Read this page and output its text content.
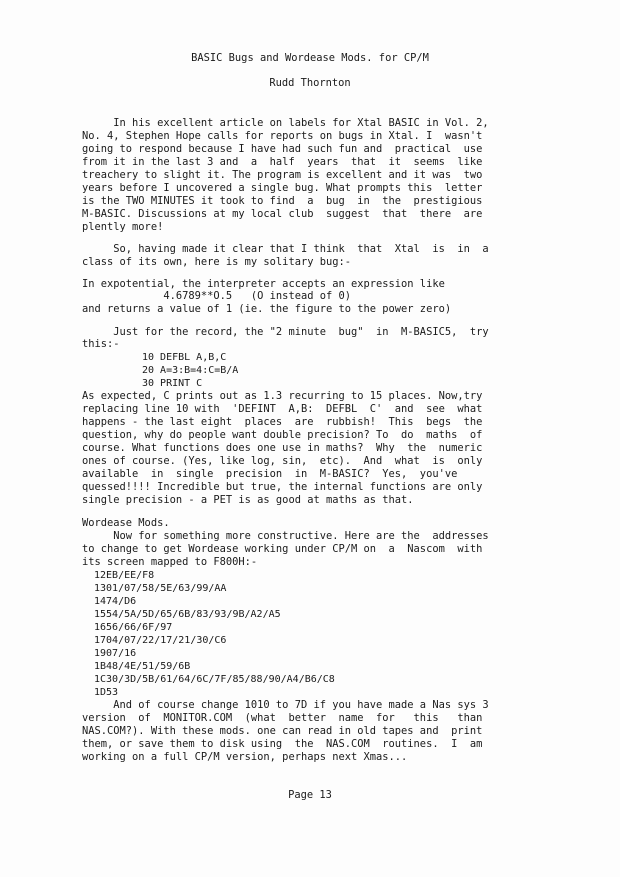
BASIC Bugs and Wordease Mods. for CP/M
Rudd Thornton
In his excellent article on labels for Xtal BASIC in Vol. 2,
No. 4, Stephen Hope calls for reports on bugs in Xtal. I  wasn't
going to respond because I have had such fun and  practical  use
from it in the last 3 and  a  half  years  that  it  seems  like
treachery to slight it. The program is excellent and it was  two
years before I uncovered a single bug. What prompts this  letter
is the TWO MINUTES it took to find  a  bug  in  the  prestigious
M-BASIC. Discussions at my local club  suggest  that  there  are
plently more!
So, having made it clear that I think  that  Xtal  is  in  a
class of its own, here is my solitary bug:-
In expotential, the interpreter accepts an expression like
4.6789**O.5   (O instead of 0)
and returns a value of 1 (ie. the figure to the power zero)
Just for the record, the "2 minute  bug"  in  M-BASIC5,  try
this:-
10 DEFBL A,B,C
20 A=3:B=4:C=B/A
30 PRINT C
As expected, C prints out as 1.3 recurring to 15 places. Now,try
replacing line 10 with  'DEFINT  A,B:  DEFBL  C'  and  see  what
happens - the last eight  places  are  rubbish!  This  begs  the
question, why do people want double precision? To  do  maths  of
course. What functions does one use in maths?  Why  the  numeric
ones of course. (Yes, like log, sin,  etc).  And  what  is  only
available  in  single  precision  in  M-BASIC?  Yes,  you've
quessed!!!! Incredible but true, the internal functions are only
single precision - a PET is as good at maths as that.
Wordease Mods.
Now for something more constructive. Here are the  addresses
to change to get Wordease working under CP/M on  a  Nascom  with
its screen mapped to F800H:-
12EB/EE/F8
1301/07/58/5E/63/99/AA
1474/D6
1554/5A/5D/65/6B/83/93/9B/A2/A5
1656/66/6F/97
1704/07/22/17/21/30/C6
1907/16
1B48/4E/51/59/6B
1C30/3D/5B/61/64/6C/7F/85/88/90/A4/B6/C8
1D53
And of course change 1010 to 7D if you have made a Nas sys 3
version  of  MONITOR.COM  (what  better  name  for   this   than
NAS.COM?). With these mods. one can read in old tapes and  print
them, or save them to disk using  the  NAS.COM  routines.  I  am
working on a full CP/M version, perhaps next Xmas...
Page 13
